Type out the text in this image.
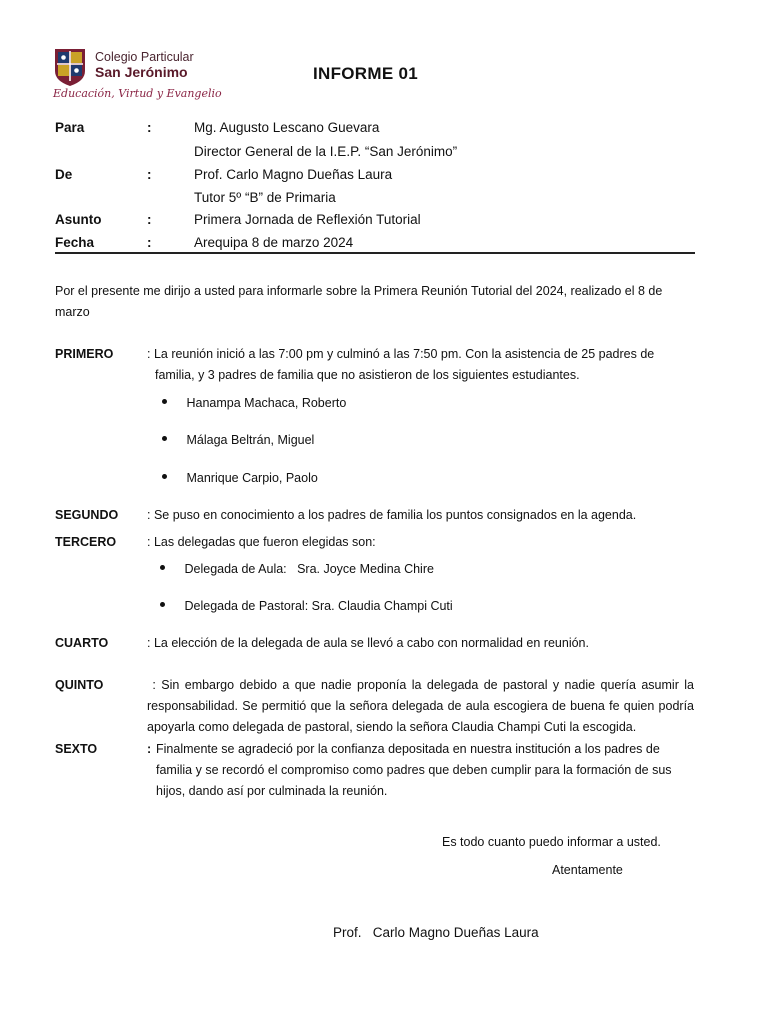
Colegio Particular
San Jerónimo
Educación, Virtud y Evangelio
INFORME 01
Para	:	Mg. Augusto Lescano Guevara
Director General de la I.E.P. “San Jerónimo”
De	:	Prof. Carlo Magno Dueñas Laura
Tutor 5º “B” de Primaria
Asunto	:	Primera Jornada de Reflexión Tutorial
Fecha	:	Arequipa 8 de marzo 2024
Por el presente me dirijo a usted para informarle sobre la Primera Reunión Tutorial del 2024, realizado el 8 de marzo
PRIMERO	: La reunión inició a las 7:00 pm y culminó a las 7:50 pm. Con la asistencia de 25 padres de
familia, y 3 padres de familia que no asistieron de los siguientes estudiantes.
Hanampa Machaca, Roberto
Málaga Beltrán, Miguel
Manrique Carpio, Paolo
SEGUNDO : Se puso en conocimiento a los padres de familia los puntos consignados en la agenda.
TERCERO : Las delegadas que fueron elegidas son:
Delegada de Aula:   Sra. Joyce Medina Chire
Delegada de Pastoral: Sra. Claudia Champi Cuti
CUARTO	: La elección de la delegada de aula se llevó a cabo con normalidad en reunión.
QUINTO	: Sin embargo debido a que nadie proponía la delegada de pastoral y nadie quería asumir la responsabilidad. Se permitió que la señora delegada de aula escogiera de buena fe quien podría apoyarla como delegada de pastoral, siendo la señora Claudia Champi Cuti la escogida.
SEXTO	: Finalmente se agradeció por la confianza depositada en nuestra institución a los padres de
familia y se recordó el compromiso como padres que deben cumplir para la formación de sus
hijos, dando así por culminada la reunión.
Es todo cuanto puedo informar a usted.
Atentamente
Prof.   Carlo Magno Dueñas Laura
